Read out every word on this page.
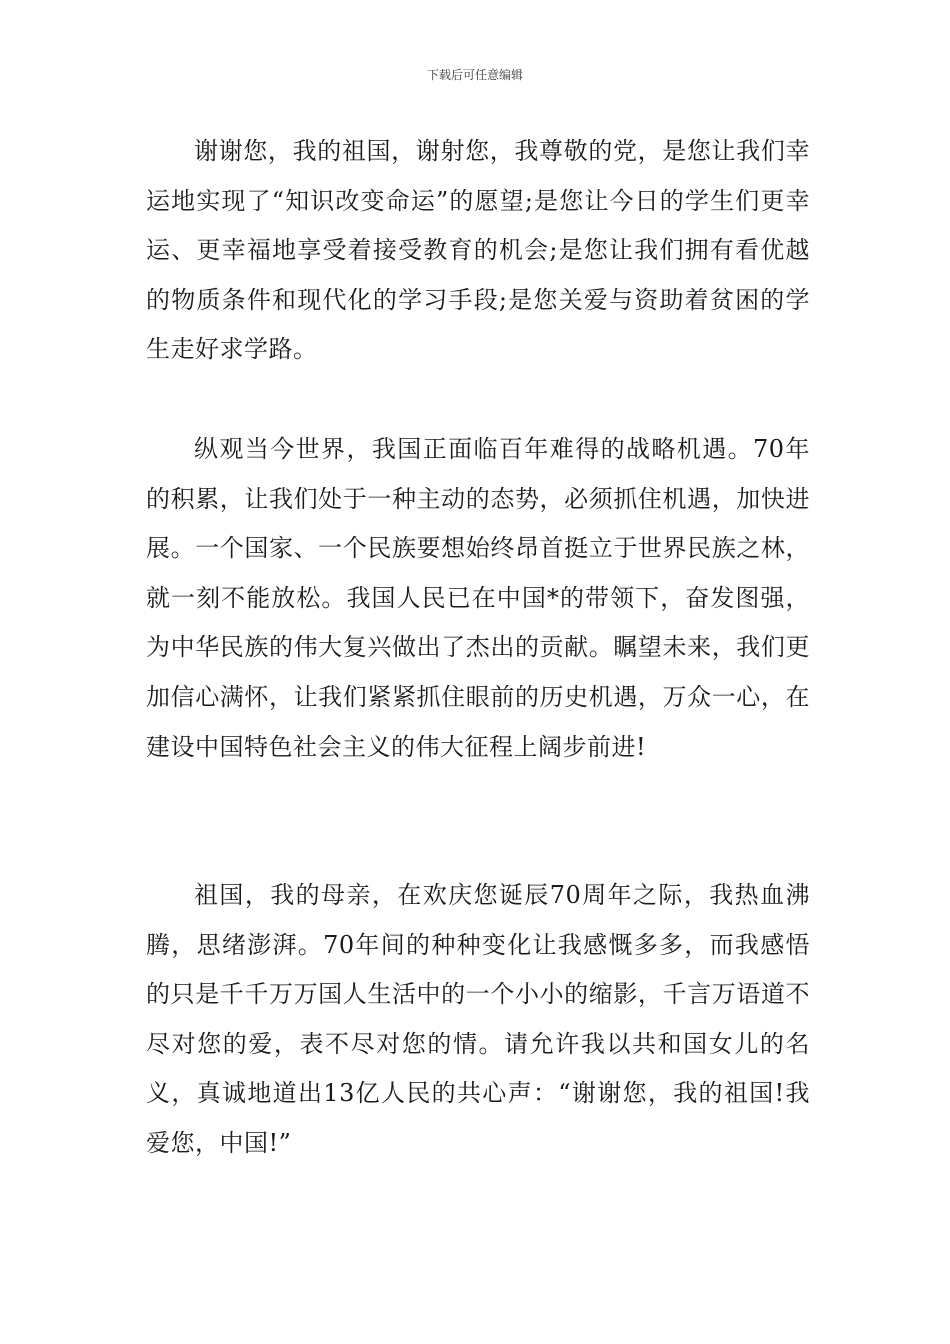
下载后可任意编辑

谢谢您，我的祖国，谢射您，我尊敬的党，是您让我们幸运地实现了“知识改变命运”的愿望;是您让今日的学生们更幸运、更幸福地享受着接受教育的机会;是您让我们拥有看优越的物质条件和现代化的学习手段;是您关爱与资助着贫困的学生走好求学路。

纵观当今世界，我国正面临百年难得的战略机遇。70年的积累，让我们处于一种主动的态势，必须抓住机遇，加快进展。一个国家、一个民族要想始终昂首挺立于世界民族之林，就一刻不能放松。我国人民已在中国*的带领下，奋发图强，为中华民族的伟大复兴做出了杰出的贡献。瞩望未来，我们更加信心满怀，让我们紧紧抓住眼前的历史机遇，万众一心，在建设中国特色社会主义的伟大征程上阔步前进!

祖国，我的母亲，在欢庆您诞辰70周年之际，我热血沸腾，思绪澎湃。70年间的种种变化让我感慨多多，而我感悟的只是千千万万国人生活中的一个小小的缩影，千言万语道不尽对您的爱，表不尽对您的情。请允许我以共和国女儿的名义，真诚地道出13亿人民的共心声：“谢谢您，我的祖国!我爱您，中国!”
